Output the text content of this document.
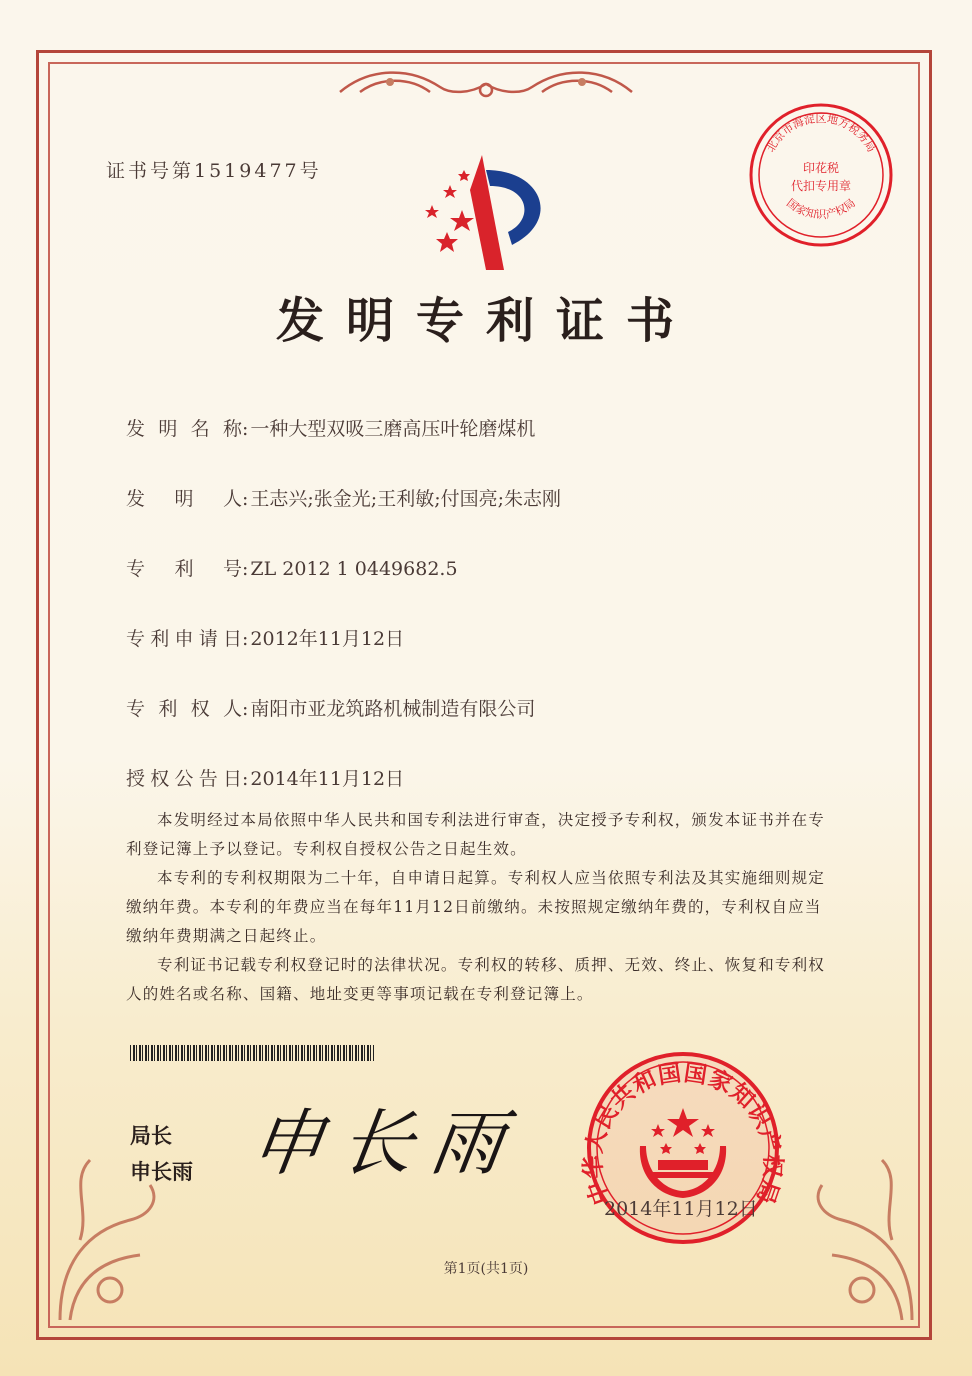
证书号第1519477号
北京市海淀区地方税务局
国家知识产权局
印花税
代扣专用章
发明专利证书
发明名称: 一种大型双吸三磨高压叶轮磨煤机
发明人: 王志兴;张金光;王利敏;付国亮;朱志刚
专利号: ZL 2012 1 0449682.5
专利申请日: 2012年11月12日
专利权人: 南阳市亚龙筑路机械制造有限公司
授权公告日: 2014年11月12日

本发明经过本局依照中华人民共和国专利法进行审查，决定授予专利权，颁发本证书并在专利登记簿上予以登记。专利权自授权公告之日起生效。

本专利的专利权期限为二十年，自申请日起算。专利权人应当依照专利法及其实施细则规定缴纳年费。本专利的年费应当在每年11月12日前缴纳。未按照规定缴纳年费的，专利权自应当缴纳年费期满之日起终止。

专利证书记载专利权登记时的法律状况。专利权的转移、质押、无效、终止、恢复和专利权人的姓名或名称、国籍、地址变更等事项记载在专利登记簿上。

局长
申长雨 申长雨
中华人民共和国国家知识产权局
2014年11月12日
第1页(共1页)
